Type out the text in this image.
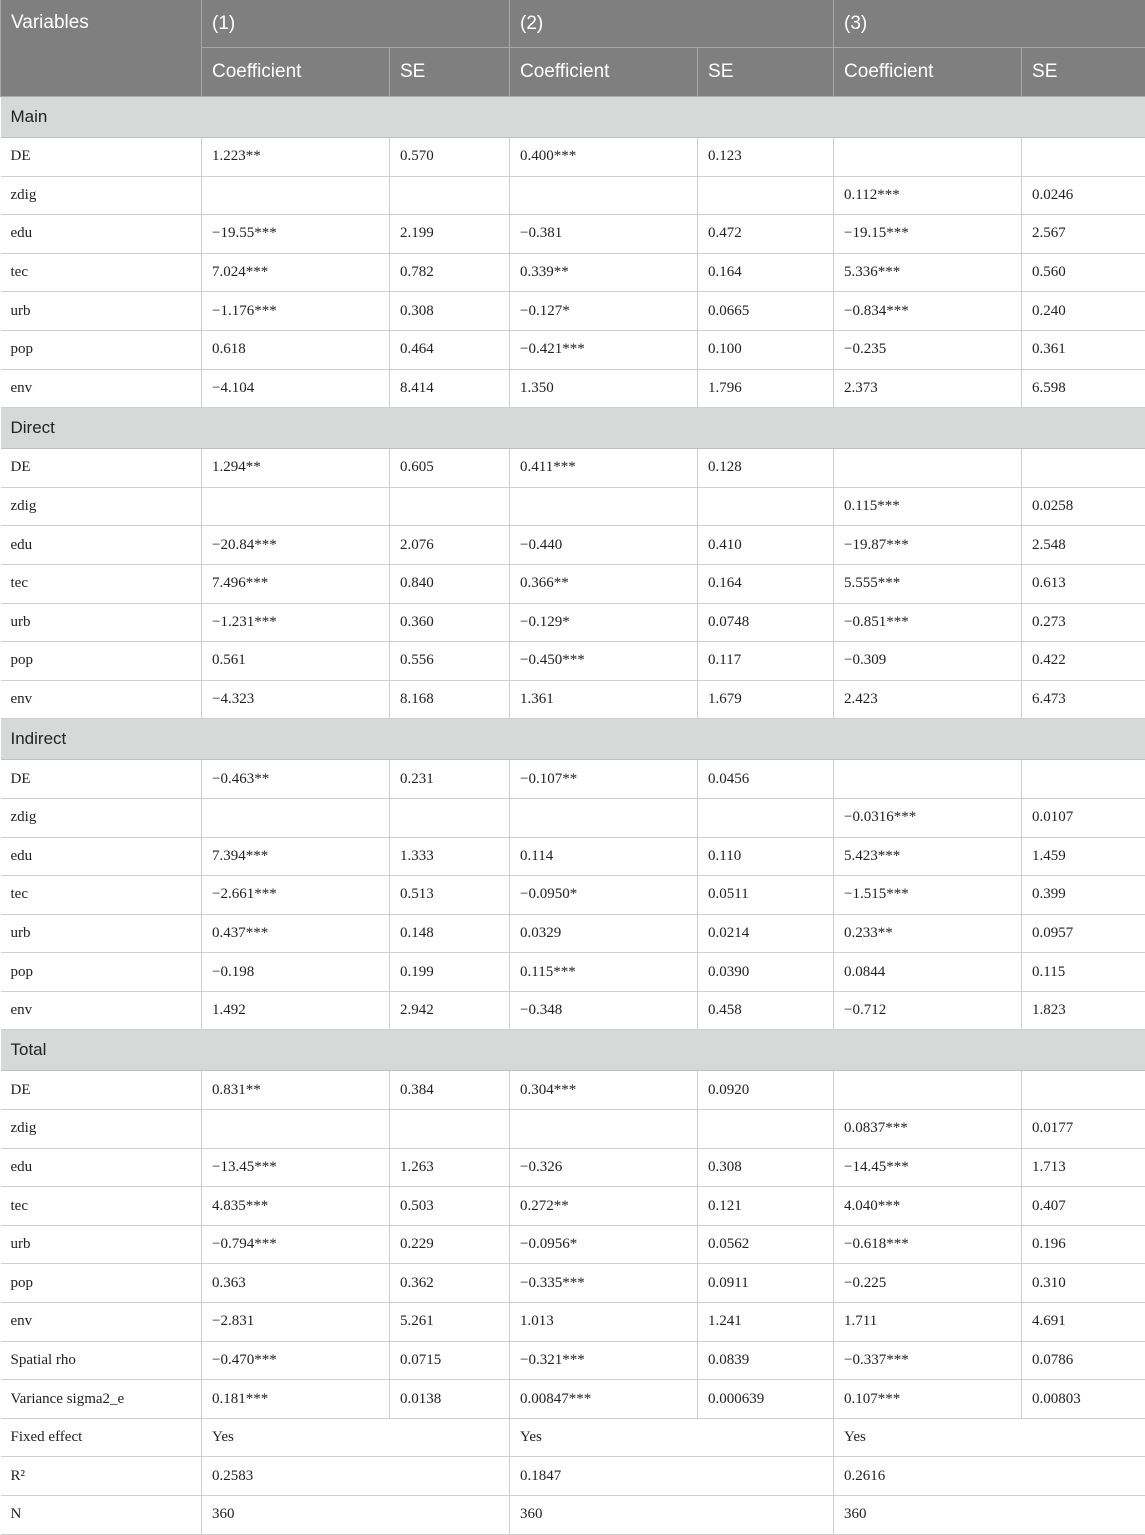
Variables	(1)		(2)		(3)	
	Coefficient	SE	Coefficient	SE	Coefficient	SE
Main						
DE	1.223**	0.570	0.400***	0.123		
zdig					0.112***	0.0246
edu	−19.55***	2.199	−0.381	0.472	−19.15***	2.567
tec	7.024***	0.782	0.339**	0.164	5.336***	0.560
urb	−1.176***	0.308	−0.127*	0.0665	−0.834***	0.240
pop	0.618	0.464	−0.421***	0.100	−0.235	0.361
env	−4.104	8.414	1.350	1.796	2.373	6.598
Direct						
DE	1.294**	0.605	0.411***	0.128		
zdig					0.115***	0.0258
edu	−20.84***	2.076	−0.440	0.410	−19.87***	2.548
tec	7.496***	0.840	0.366**	0.164	5.555***	0.613
urb	−1.231***	0.360	−0.129*	0.0748	−0.851***	0.273
pop	0.561	0.556	−0.450***	0.117	−0.309	0.422
env	−4.323	8.168	1.361	1.679	2.423	6.473
Indirect						
DE	−0.463**	0.231	−0.107**	0.0456		
zdig					−0.0316***	0.0107
edu	7.394***	1.333	0.114	0.110	5.423***	1.459
tec	−2.661***	0.513	−0.0950*	0.0511	−1.515***	0.399
urb	0.437***	0.148	0.0329	0.0214	0.233**	0.0957
pop	−0.198	0.199	0.115***	0.0390	0.0844	0.115
env	1.492	2.942	−0.348	0.458	−0.712	1.823
Total						
DE	0.831**	0.384	0.304***	0.0920		
zdig					0.0837***	0.0177
edu	−13.45***	1.263	−0.326	0.308	−14.45***	1.713
tec	4.835***	0.503	0.272**	0.121	4.040***	0.407
urb	−0.794***	0.229	−0.0956*	0.0562	−0.618***	0.196
pop	0.363	0.362	−0.335***	0.0911	−0.225	0.310
env	−2.831	5.261	1.013	1.241	1.711	4.691
Spatial rho	−0.470***	0.0715	−0.321***	0.0839	−0.337***	0.0786
Variance sigma2_e	0.181***	0.0138	0.00847***	0.000639	0.107***	0.00803
Fixed effect	Yes		Yes		Yes	
R²	0.2583		0.1847		0.2616	
N	360		360		360	
